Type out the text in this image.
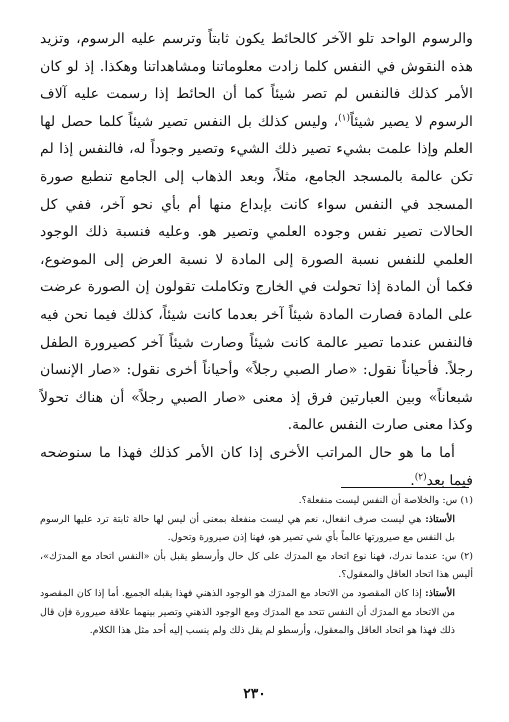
والرسوم الواحد تلو الآخر كالحائط يكون ثابتاً وترسم عليه الرسوم، وتزيد هذه النقوش في النفس كلما زادت معلوماتنا ومشاهداتنا وهكذا. إذ لو كان الأمر كذلك فالنفس لم تصر شيئاً كما أن الحائط إذا رسمت عليه آلاف الرسوم لا يصير شيئاً$^{(١)}$، وليس كذلك بل النفس تصير شيئاً كلما حصل لها العلم وإذا علمت بشيء تصير ذلك الشيء وتصير وجوداً له، فالنفس إذا لم تكن عالمة بالمسجد الجامع، مثلاً، وبعد الذهاب إلى الجامع تنطبع صورة المسجد في النفس سواء كانت بإبداع منها أم بأي نحو آخر، ففي كل الحالات تصير نفس وجوده العلمي وتصير هو. وعليه فنسبة ذلك الوجود العلمي للنفس نسبة الصورة إلى المادة لا نسبة العرض إلى الموضوع، فكما أن المادة إذا تحولت في الخارج وتكاملت تقولون إن الصورة عرضت على المادة فصارت المادة شيئاً آخر بعدما كانت شيئاً، كذلك فيما نحن فيه فالنفس عندما تصير عالمة كانت شيئاً وصارت شيئاً آخر كصيرورة الطفل رجلاً. فأحياناً نقول: «صار الصبي رجلاً» وأحياناً أخرى نقول: «صار الإنسان شبعاناً» وبين العبارتين فرق إذ معنى «صار الصبي رجلاً» أن هناك تحولاً وكذا معنى صارت النفس عالمة.

أما ما هو حال المراتب الأخرى إذا كان الأمر كذلك فهذا ما سنوضحه فيما بعد$^{(٢)}$.

(١) س: والخلاصة أن النفس ليست منفعلة؟.

الأستاذ: هي ليست صرف انفعال، نعم هي ليست منفعلة بمعنى أن ليس لها حالة ثابتة ترد عليها الرسوم بل النفس مع صيرورتها عالماً بأي شي تصير هو، فهنا إذن صيرورة وتحول.

(٢) س: عندما ندرك، فهنا نوع اتحاد مع المدرَك على كل حال وأرسطو يقبل بأن «النفس اتحاد مع المدرَك»، أليس هذا اتحاد العاقل والمعقول؟.

الأستاذ: إذا كان المقصود من الاتحاد مع المدرَك هو الوجود الذهني فهذا يقبله الجميع. أما إذا كان المقصود من الاتحاد مع المدرَك أن النفس تتحد مع المدرَك ومع الوجود الذهني وتصير بينهما علاقة صيرورة فإن قال ذلك فهذا هو اتحاد العاقل والمعقول، وأرسطو لم يقل ذلك ولم ينسب إليه أحد مثل هذا الكلام.

٢٣٠
